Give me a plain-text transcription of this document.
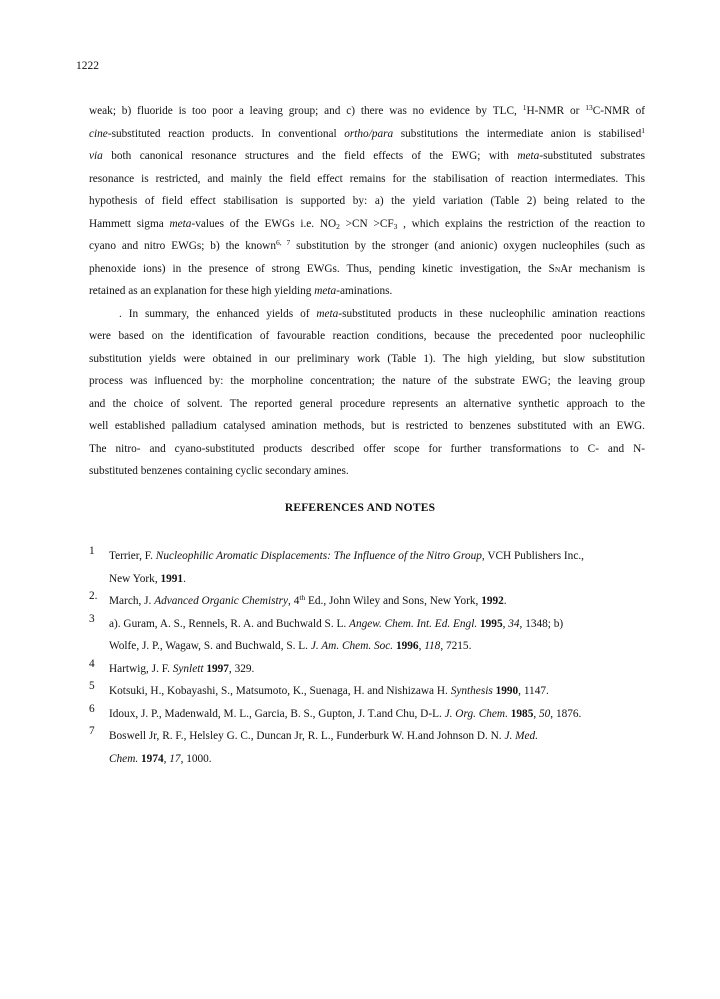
1222
weak; b) fluoride is too poor a leaving group; and c) there was no evidence by TLC, $^1$H-NMR or $^{13}$C-NMR of
cine-substituted reaction products. In conventional ortho/para substitutions the intermediate anion is stabilised$^1$
via both canonical resonance structures and the field effects of the EWG; with meta-substituted substrates
resonance is restricted, and mainly the field effect remains for the stabilisation of reaction intermediates. This
hypothesis of field effect stabilisation is supported by: a) the yield variation (Table 2) being related to the
Hammett sigma meta-values of the EWGs i.e. $NO_2 >CN >CF_3$ , which explains the restriction of the reaction to
cyano and nitro EWGs; b) the known$^{6, 7}$ substitution by the stronger (and anionic) oxygen nucleophiles (such as
phenoxide ions) in the presence of strong EWGs. Thus, pending kinetic investigation, the SNAr mechanism is
retained as an explanation for these high yielding meta-aminations.
. In summary, the enhanced yields of meta-substituted products in these nucleophilic amination reactions
were based on the identification of favourable reaction conditions, because the precedented poor nucleophilic
substitution yields were obtained in our preliminary work (Table 1). The high yielding, but slow substitution
process was influenced by: the morpholine concentration; the nature of the substrate EWG; the leaving group
and the choice of solvent. The reported general procedure represents an alternative synthetic approach to the
well established palladium catalysed amination methods, but is restricted to benzenes substituted with an EWG.
The nitro- and cyano-substituted products described offer scope for further transformations to C- and N-
substituted benzenes containing cyclic secondary amines.
REFERENCES AND NOTES
1	Terrier, F. Nucleophilic Aromatic Displacements: The Influence of the Nitro Group, VCH Publishers Inc.,
New York, 1991.
2.	March, J. Advanced Organic Chemistry, 4th Ed., John Wiley and Sons, New York, 1992.
3	a). Guram, A. S., Rennels, R. A. and Buchwald S. L. Angew. Chem. Int. Ed. Engl. 1995, 34, 1348; b)
Wolfe, J. P., Wagaw, S. and Buchwald, S. L. J. Am. Chem. Soc. 1996, 118, 7215.
4	Hartwig, J. F. Synlett 1997, 329.
5	Kotsuki, H., Kobayashi, S., Matsumoto, K., Suenaga, H. and Nishizawa H. Synthesis 1990, 1147.
6	Idoux, J. P., Madenwald, M. L., Garcia, B. S., Gupton, J. T.and Chu, D-L. J. Org. Chem. 1985, 50, 1876.
7	Boswell Jr, R. F., Helsley G. C., Duncan Jr, R. L., Funderburk W. H.and Johnson D. N. J. Med.
Chem. 1974, 17, 1000.
